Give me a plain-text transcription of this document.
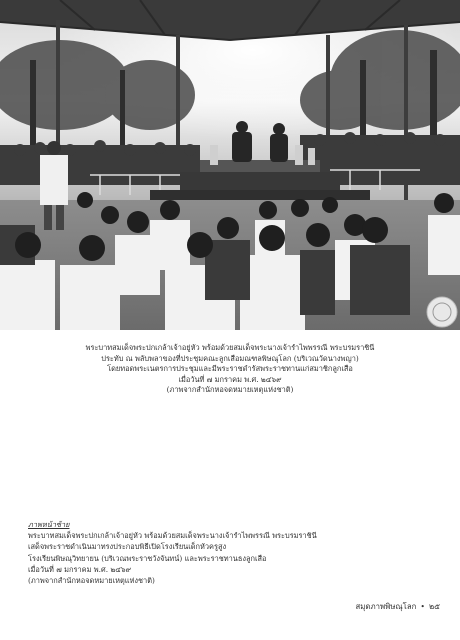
พระบาทสมเด็จพระปกเกล้าเจ้าอยู่หัว พร้อมด้วยสมเด็จพระนางเจ้ารำไพพรรณี พระบรมราชินี
ประทับ ณ พลับพลาของที่ประชุมคณะลูกเสือมณฑลพิษณุโลก (บริเวณวัดนางพญา)
โดยทอดพระเนตรการประชุมและมีพระราชดำรัสพระราชทานแก่สมาชิกลูกเสือ
เมื่อวันที่ ๗ มกราคม พ.ศ. ๒๔๖๙
(ภาพจากสำนักหอจดหมายเหตุแห่งชาติ)
ภาพหน้าซ้าย
พระบาทสมเด็จพระปกเกล้าเจ้าอยู่หัว พร้อมด้วยสมเด็จพระนางเจ้ารำไพพรรณี พระบรมราชินี
เสด็จพระราชดำเนินมาทรงประกอบพิธีเปิดโรงเรียนเด็กหัวครูสูง
โรงเรียนพิษณุวิทยายน (บริเวณพระราชวังจันทน์) และพระราชทานธงลูกเสือ
เมื่อวันที่ ๗ มกราคม พ.ศ. ๒๔๖๙
(ภาพจากสำนักหอจดหมายเหตุแห่งชาติ)
สมุดภาพพิษณุโลก • ๒๕
